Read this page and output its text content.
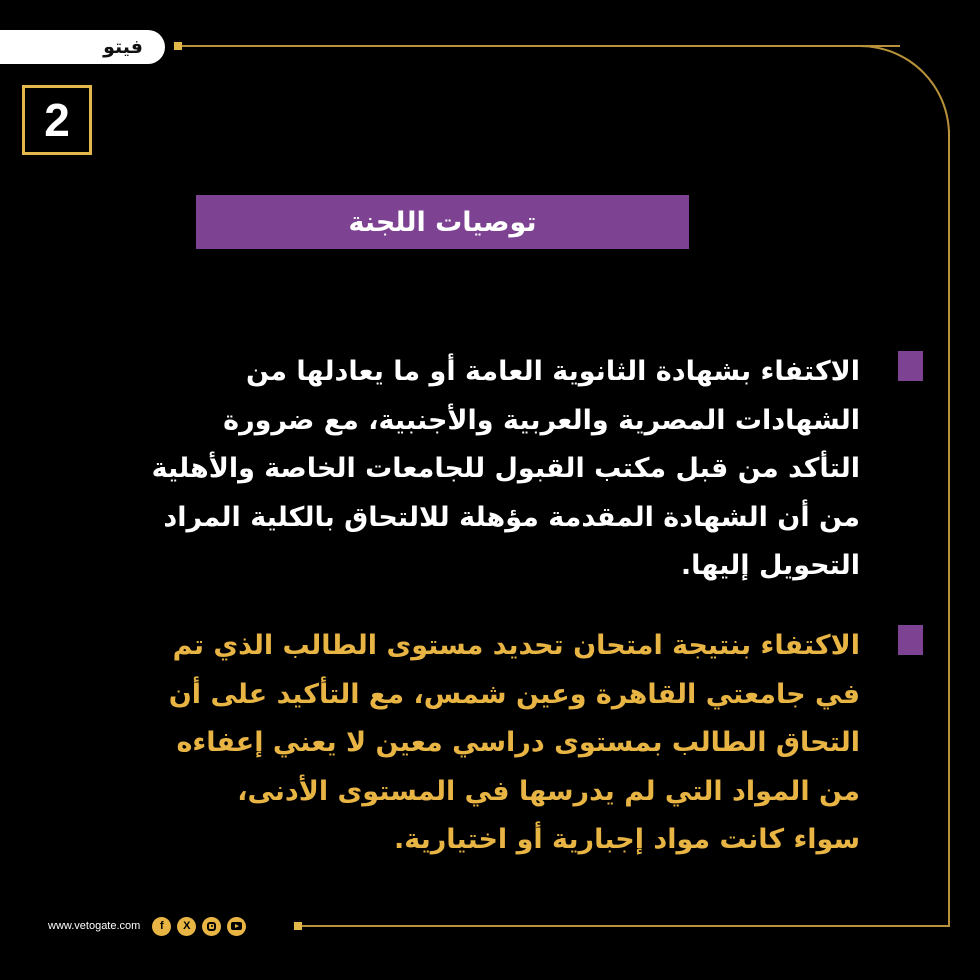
فيتو
2
توصيات اللجنة
الاكتفاء بشهادة الثانوية العامة أو ما يعادلها من
الشهادات المصرية والعربية والأجنبية، مع ضرورة
التأكد من قبل مكتب القبول للجامعات الخاصة والأهلية
من أن الشهادة المقدمة مؤهلة للالتحاق بالكلية المراد
التحويل إليها.
الاكتفاء بنتيجة امتحان تحديد مستوى الطالب الذي تم
في جامعتي القاهرة وعين شمس، مع التأكيد على أن
التحاق الطالب بمستوى دراسي معين لا يعني إعفاءه
من المواد التي لم يدرسها في المستوى الأدنى،
سواء كانت مواد إجبارية أو اختيارية.
www.vetogate.com	f	X
